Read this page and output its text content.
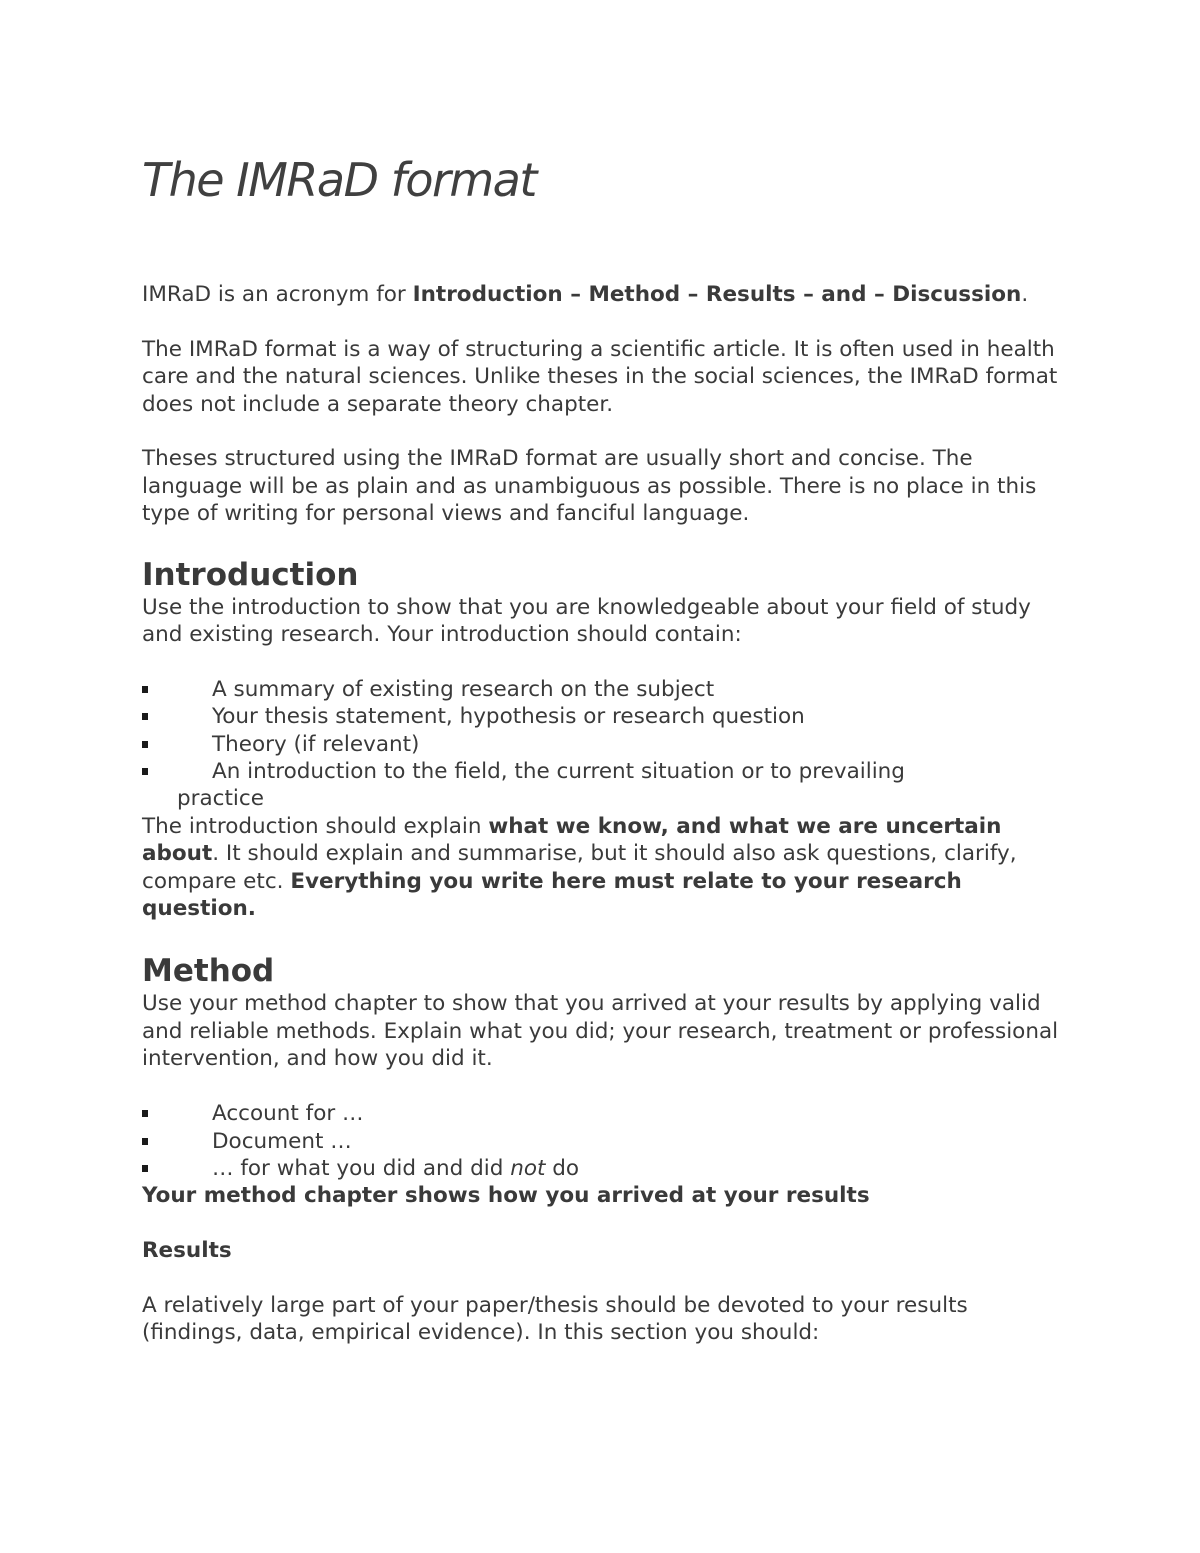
The IMRaD format

IMRaD is an acronym for Introduction – Method – Results – and – Discussion.

The IMRaD format is a way of structuring a scientific article. It is often used in health care and the natural sciences. Unlike theses in the social sciences, the IMRaD format does not include a separate theory chapter.

Theses structured using the IMRaD format are usually short and concise. The language will be as plain and as unambiguous as possible. There is no place in this type of writing for personal views and fanciful language.

Introduction

Use the introduction to show that you are knowledgeable about your field of study and existing research. Your introduction should contain:

A summary of existing research on the subject
Your thesis statement, hypothesis or research question
Theory (if relevant)
An introduction to the field, the current situation or to prevailing
practice

The introduction should explain what we know, and what we are uncertain about. It should explain and summarise, but it should also ask questions, clarify, compare etc. Everything you write here must relate to your research question.

Method

Use your method chapter to show that you arrived at your results by applying valid and reliable methods. Explain what you did; your research, treatment or professional intervention, and how you did it.

Account for …
Document …
… for what you did and did not do

Your method chapter shows how you arrived at your results

Results

A relatively large part of your paper/thesis should be devoted to your results (findings, data, empirical evidence). In this section you should:
